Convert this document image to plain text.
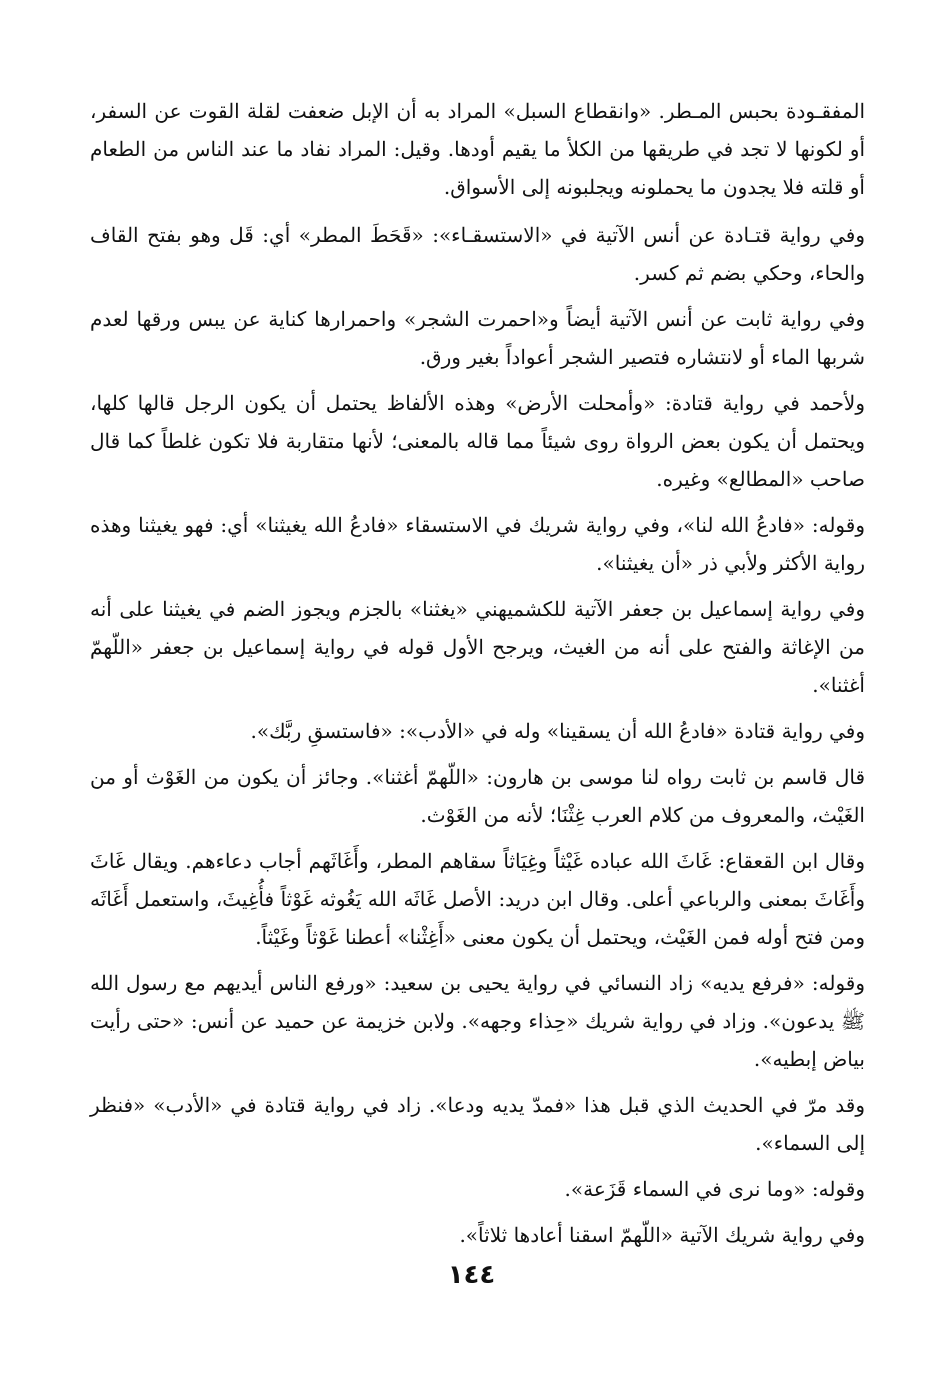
المفقـودة بحبس المـطر. «وانقطاع السبل» المراد به أن الإبل ضعفت لقلة القوت عن السفر، أو لكونها لا تجد في طريقها من الكلأ ما يقيم أودها. وقيل: المراد نفاد ما عند الناس من الطعام أو قلته فلا يجدون ما يحملونه ويجلبونه إلى الأسواق.

وفي رواية قتـادة عن أنس الآتية في «الاستسقـاء»: «قَحَطَ المطر» أي: قَل وهو بفتح القاف والحاء، وحكي بضم ثم كسر.

وفي رواية ثابت عن أنس الآتية أيضاً و«احمرت الشجر» واحمرارها كناية عن يبس ورقها لعدم شربها الماء أو لانتشاره فتصير الشجر أعواداً بغير ورق.

ولأحمد في رواية قتادة: «وأمحلت الأرض» وهذه الألفاظ يحتمل أن يكون الرجل قالها كلها، ويحتمل أن يكون بعض الرواة روى شيئاً مما قاله بالمعنى؛ لأنها متقاربة فلا تكون غلطاً كما قال صاحب «المطالع» وغيره.

وقوله: «فادعُ الله لنا»، وفي رواية شريك في الاستسقاء «فادعُ الله يغيثنا» أي: فهو يغيثنا وهذه رواية الأكثر ولأبي ذر «أن يغيثنا».

وفي رواية إسماعيل بن جعفر الآتية للكشميهني «يغثنا» بالجزم ويجوز الضم في يغيثنا على أنه من الإغاثة والفتح على أنه من الغيث، ويرجح الأول قوله في رواية إسماعيل بن جعفر «اللّهمّ أغثنا».

وفي رواية قتادة «فادعُ الله أن يسقينا» وله في «الأدب»: «فاستسقِ ربَّك».

قال قاسم بن ثابت رواه لنا موسى بن هارون: «اللّهمّ أغثنا». وجائز أن يكون من الغَوْث أو من الغَيْث، والمعروف من كلام العرب غِثْنَا؛ لأنه من الغَوْث.

وقال ابن القعقاع: غَاثَ الله عباده غَيْثاً وغِيَاثاً سقاهم المطر، وأَغَاثَهم أجاب دعاءهم. ويقال غَاثَ وأَغَاثَ بمعنى والرباعي أعلى. وقال ابن دريد: الأصل غَاثَه الله يَغُوثه غَوْثاً فأُغِيثَ، واستعمل أَغَاثَه ومن فتح أوله فمن الغَيْث، ويحتمل أن يكون معنى «أَغِثْنا» أعطنا غَوْثاً وغَيْثاً.

وقوله: «فرفع يديه» زاد النسائي في رواية يحيى بن سعيد: «ورفع الناس أيديهم مع رسول الله ﷺ يدعون». وزاد في رواية شريك «حِذاء وجهه». ولابن خزيمة عن حميد عن أنس: «حتى رأيت بياض إبطيه».

وقد مرّ في الحديث الذي قبل هذا «فمدّ يديه ودعا». زاد في رواية قتادة في «الأدب» «فنظر إلى السماء».

وقوله: «وما نرى في السماء قَزَعة».

وفي رواية شريك الآتية «اللّهمّ اسقنا أعادها ثلاثاً».

١٤٤
